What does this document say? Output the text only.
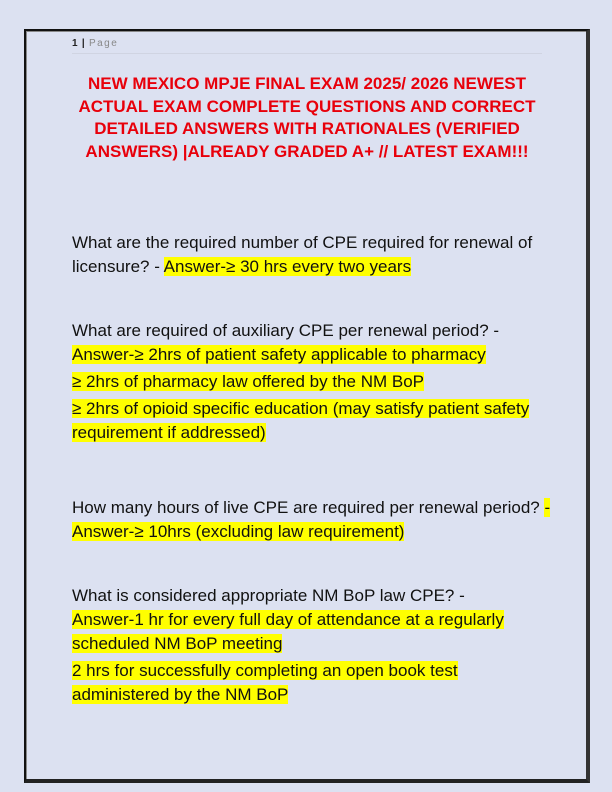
1 | Page
NEW MEXICO MPJE FINAL EXAM 2025/ 2026 NEWEST ACTUAL EXAM COMPLETE QUESTIONS AND CORRECT DETAILED ANSWERS WITH RATIONALES (VERIFIED ANSWERS) |ALREADY GRADED A+ // LATEST EXAM!!!
What are the required number of CPE required for renewal of licensure? - Answer-≥ 30 hrs every two years
What are required of auxiliary CPE per renewal period? -
Answer-≥ 2hrs of patient safety applicable to pharmacy
≥ 2hrs of pharmacy law offered by the NM BoP
≥ 2hrs of opioid specific education (may satisfy patient safety requirement if addressed)
How many hours of live CPE are required per renewal period? - Answer-≥ 10hrs (excluding law requirement)
What is considered appropriate NM BoP law CPE? -
Answer-1 hr for every full day of attendance at a regularly scheduled NM BoP meeting
2 hrs for successfully completing an open book test administered by the NM BoP
